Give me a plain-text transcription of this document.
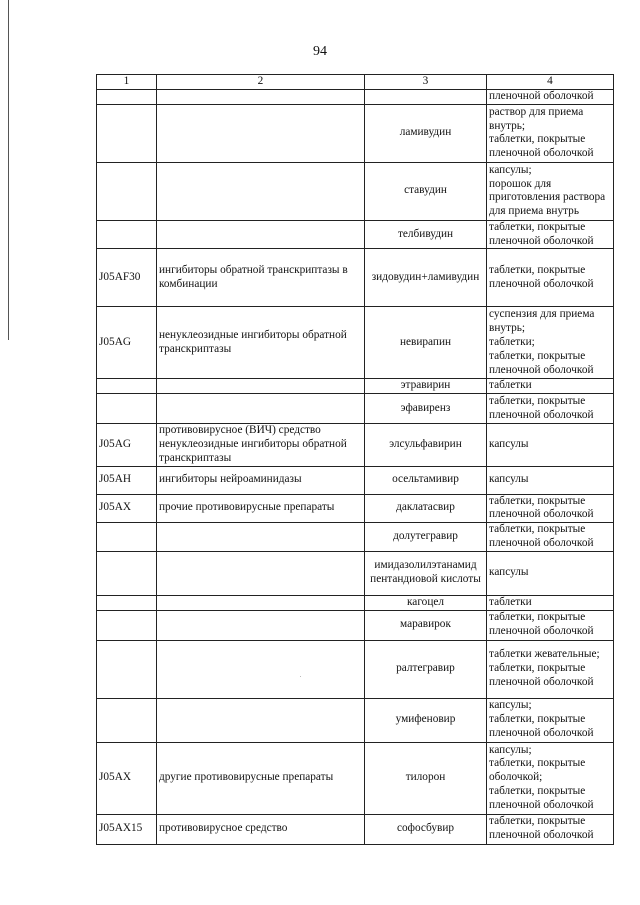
94
1	2	3	4
			пленочной оболочкой
		ламивудин	раствор для приема внутрь;
таблетки, покрытые пленочной оболочкой
		ставудин	капсулы;
порошок для приготовления раствора для приема внутрь
		телбивудин	таблетки, покрытые пленочной оболочкой
J05AF30	ингибиторы обратной транскриптазы в комбинации	зидовудин+ламивудин	таблетки, покрытые пленочной оболочкой
J05AG	ненуклеозидные ингибиторы обратной транскриптазы	невирапин	суспензия для приема внутрь;
таблетки;
таблетки, покрытые пленочной оболочкой
		этравирин	таблетки
		эфавиренз	таблетки, покрытые пленочной оболочкой
J05AG	противовирусное (ВИЧ) средство ненуклеозидные ингибиторы обратной транскриптазы	элсульфавирин	капсулы
J05AH	ингибиторы нейроаминидазы	осельтамивир	капсулы
J05AX	прочие противовирусные препараты	даклатасвир	таблетки, покрытые пленочной оболочкой
		долутегравир	таблетки, покрытые пленочной оболочкой
		имидазолилэтанамид пентандиовой кислоты	капсулы
		кагоцел	таблетки
		маравирок	таблетки, покрытые пленочной оболочкой
		ралтегравир	таблетки жевательные; таблетки, покрытые пленочной оболочкой
		умифеновир	капсулы;
таблетки, покрытые пленочной оболочкой
J05AX	другие противовирусные препараты	тилорон	капсулы;
таблетки, покрытые оболочкой;
таблетки, покрытые пленочной оболочкой
J05AX15	противовирусное средство	софосбувир	таблетки, покрытые пленочной оболочкой
